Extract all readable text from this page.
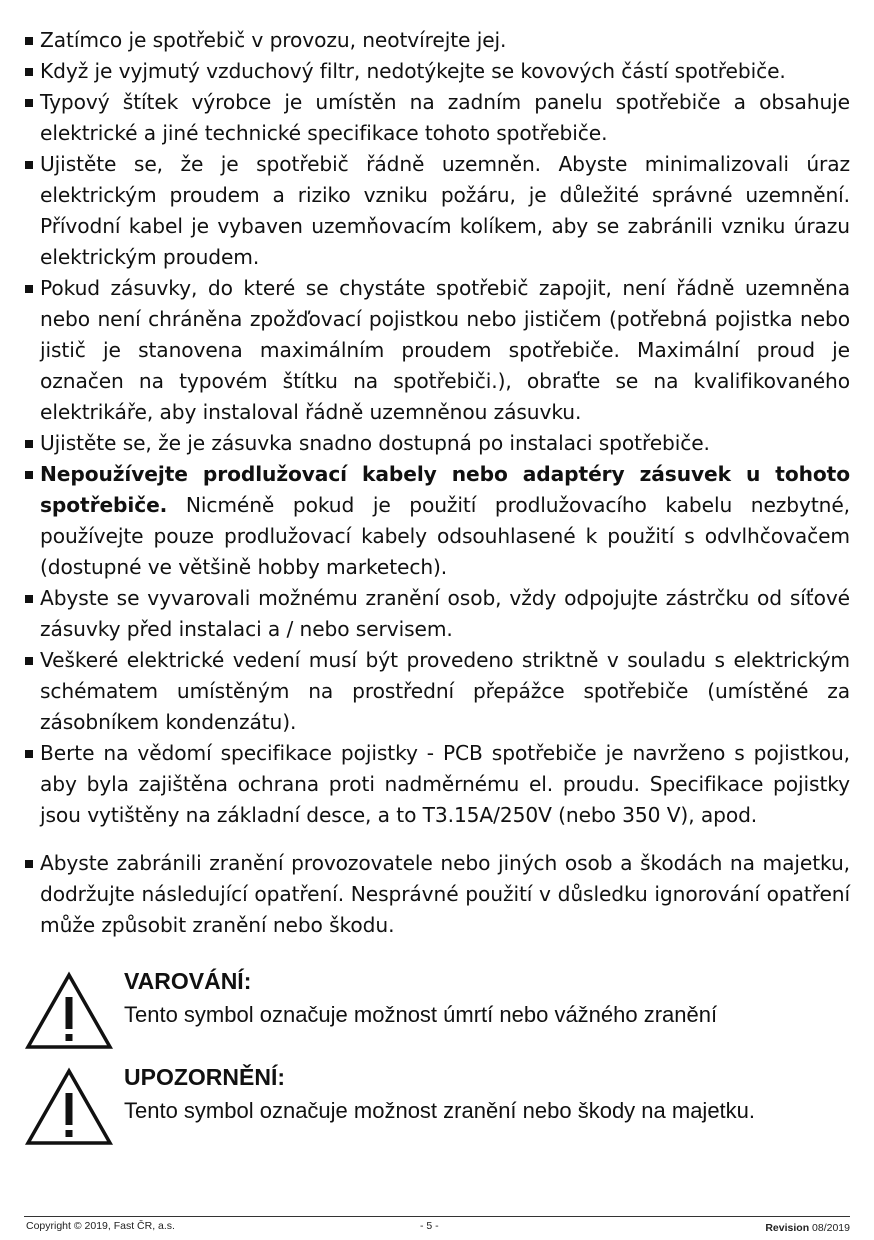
Zatímco je spotřebič v provozu, neotvírejte jej.
Když je vyjmutý vzduchový filtr, nedotýkejte se kovových částí spotřebiče.
Typový štítek výrobce je umístěn na zadním panelu spotřebiče a obsahuje elektrické a jiné technické specifikace tohoto spotřebiče.
Ujistěte se, že je spotřebič řádně uzemněn. Abyste minimalizovali úraz elektrickým proudem a riziko vzniku požáru, je důležité správné uzemnění. Přívodní kabel je vybaven uzemňovacím kolíkem, aby se zabránili vzniku úrazu elektrickým proudem.
Pokud zásuvky, do které se chystáte spotřebič zapojit, není řádně uzemněna nebo není chráněna zpožďovací pojistkou nebo jističem (potřebná pojistka nebo jistič je stanovena maximálním proudem spotřebiče. Maximální proud je označen na typovém štítku na spotřebiči.), obraťte se na kvalifikovaného elektrikáře, aby instaloval řádně uzemněnou zásuvku.
Ujistěte se, že je zásuvka snadno dostupná po instalaci spotřebiče.
Nepoužívejte prodlužovací kabely nebo adaptéry zásuvek u tohoto spotřebiče. Nicméně pokud je použití prodlužovacího kabelu nezbytné, používejte pouze prodlužovací kabely odsouhlasené k použití s odvlhčovačem (dostupné ve většině hobby marketech).
Abyste se vyvarovali možnému zranění osob, vždy odpojujte zástrčku od síťové zásuvky před instalaci a / nebo servisem.
Veškeré elektrické vedení musí být provedeno striktně v souladu s elektrickým schématem umístěným na prostřední přepážce spotřebiče (umístěné za zásobníkem kondenzátu).
Berte na vědomí specifikace pojistky - PCB spotřebiče je navrženo s pojistkou, aby byla zajištěna ochrana proti nadměrnému el. proudu. Specifikace pojistky jsou vytištěny na základní desce, a to T3.15A/250V (nebo 350 V), apod.
Abyste zabránili zranění provozovatele nebo jiných osob a škodách na majetku, dodržujte následující opatření. Nesprávné použití v důsledku ignorování opatření může způsobit zranění nebo škodu.
VAROVÁNÍ:
Tento symbol označuje možnost úmrtí nebo vážného zranění
UPOZORNĚNÍ:
Tento symbol označuje možnost zranění nebo škody na majetku.
Copyright © 2019, Fast ČR, a.s.	- 5 -	Revision 08/2019
